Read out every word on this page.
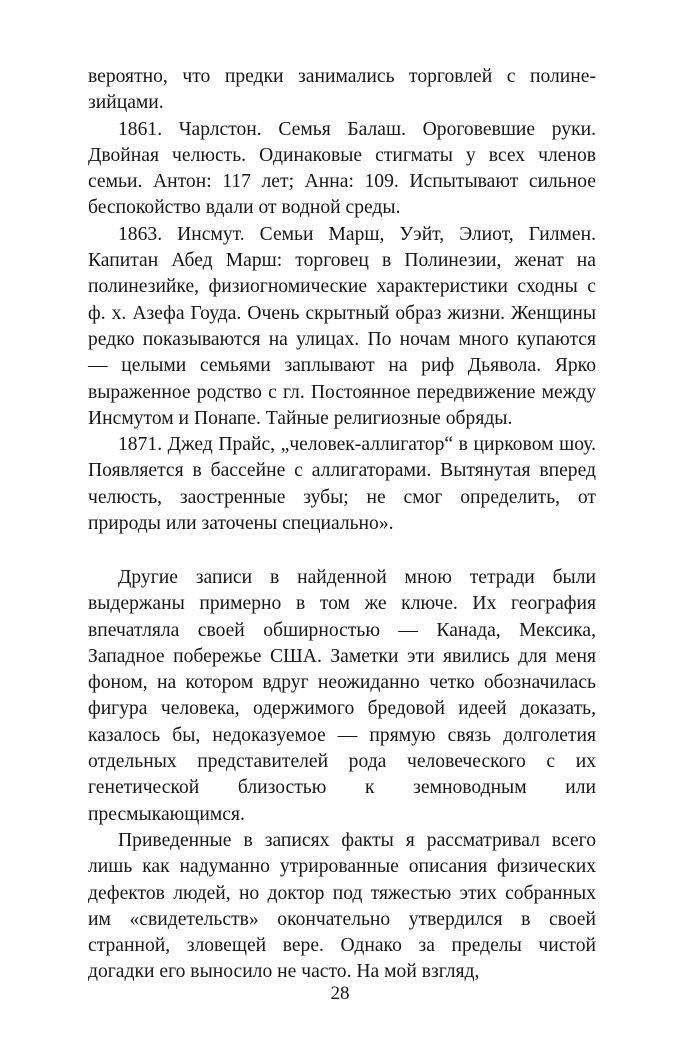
вероятно, что предки занимались торговлей с полинезийцами.

1861. Чарлстон. Семья Балаш. Ороговевшие руки. Двойная челюсть. Одинаковые стигматы у всех членов семьи. Антон: 117 лет; Анна: 109. Испытывают сильное беспокойство вдали от водной среды.

1863. Инсмут. Семьи Марш, Уэйт, Элиот, Гилмен. Капитан Абед Марш: торговец в Полинезии, женат на полинезийке, физиогномические характеристики сходны с ф. х. Азефа Гоуда. Очень скрытный образ жизни. Женщины редко показываются на улицах. По ночам много купаются — целыми семьями заплывают на риф Дьявола. Ярко выраженное родство с гл. Постоянное передвижение между Инсмутом и Понапе. Тайные религиозные обряды.

1871. Джед Прайс, „человек-аллигатор“ в цирковом шоу. Появляется в бассейне с аллигаторами. Вытянутая вперед челюсть, заостренные зубы; не смог определить, от природы или заточены специально».

Другие записи в найденной мною тетради были выдержаны примерно в том же ключе. Их география впечатляла своей обширностью — Канада, Мексика, Западное побережье США. Заметки эти явились для меня фоном, на котором вдруг неожиданно четко обозначилась фигура человека, одержимого бредовой идеей доказать, казалось бы, недоказуемое — прямую связь долголетия отдельных представителей рода человеческого с их генетической близостью к земноводным или пресмыкающимся.

Приведенные в записях факты я рассматривал всего лишь как надуманно утрированные описания физических дефектов людей, но доктор под тяжестью этих собранных им «свидетельств» окончательно утвердился в своей странной, зловещей вере. Однако за пределы чистой догадки его выносило не часто. На мой взгляд,

28
